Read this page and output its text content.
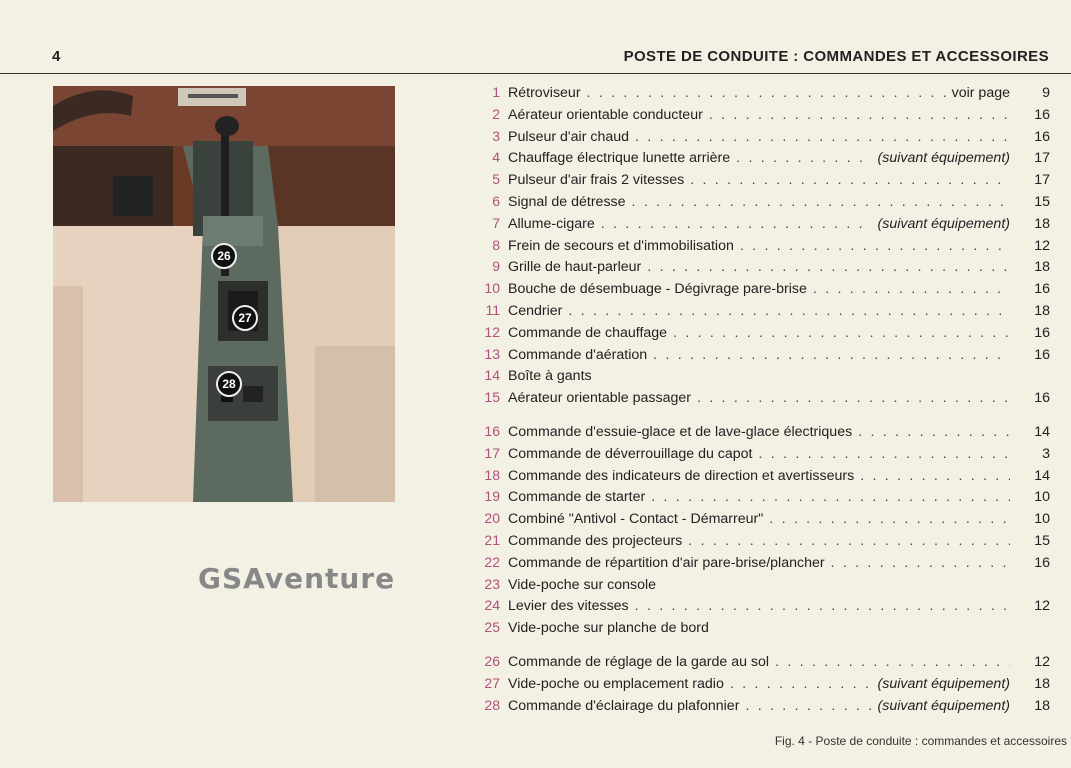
4	POSTE DE CONDUITE : COMMANDES ET ACCESSOIRES
26
27
28
GSAventure
1 Rétroviseur . . .	voir page	9
2 Aérateur orientable conducteur . . .	16
3 Pulseur d'air chaud . . .	16
4 Chauffage électrique lunette arrière . . .	(suivant équipement)	17
5 Pulseur d'air frais 2 vitesses . . .	17
6 Signal de détresse . . .	15
7 Allume-cigare . . .	(suivant équipement)	18
8 Frein de secours et d'immobilisation . . .	12
9 Grille de haut-parleur . . .	18
10 Bouche de désembuage - Dégivrage pare-brise . . .	16
11 Cendrier . . .	18
12 Commande de chauffage . . .	16
13 Commande d'aération . . .	16
14 Boîte à gants
15 Aérateur orientable passager . . .	16
16 Commande d'essuie-glace et de lave-glace électriques . . .	14
17 Commande de déverrouillage du capot . . .	3
18 Commande des indicateurs de direction et avertisseurs . . .	14
19 Commande de starter . . .	10
20 Combiné "Antivol - Contact - Démarreur" . . .	10
21 Commande des projecteurs . . .	15
22 Commande de répartition d'air pare-brise/plancher . . .	16
23 Vide-poche sur console
24 Levier des vitesses . . .	12
25 Vide-poche sur planche de bord
26 Commande de réglage de la garde au sol . . .	12
27 Vide-poche ou emplacement radio . . .	(suivant équipement)	18
28 Commande d'éclairage du plafonnier . . .	(suivant équipement)	18
Fig. 4 - Poste de conduite : commandes et accessoires
